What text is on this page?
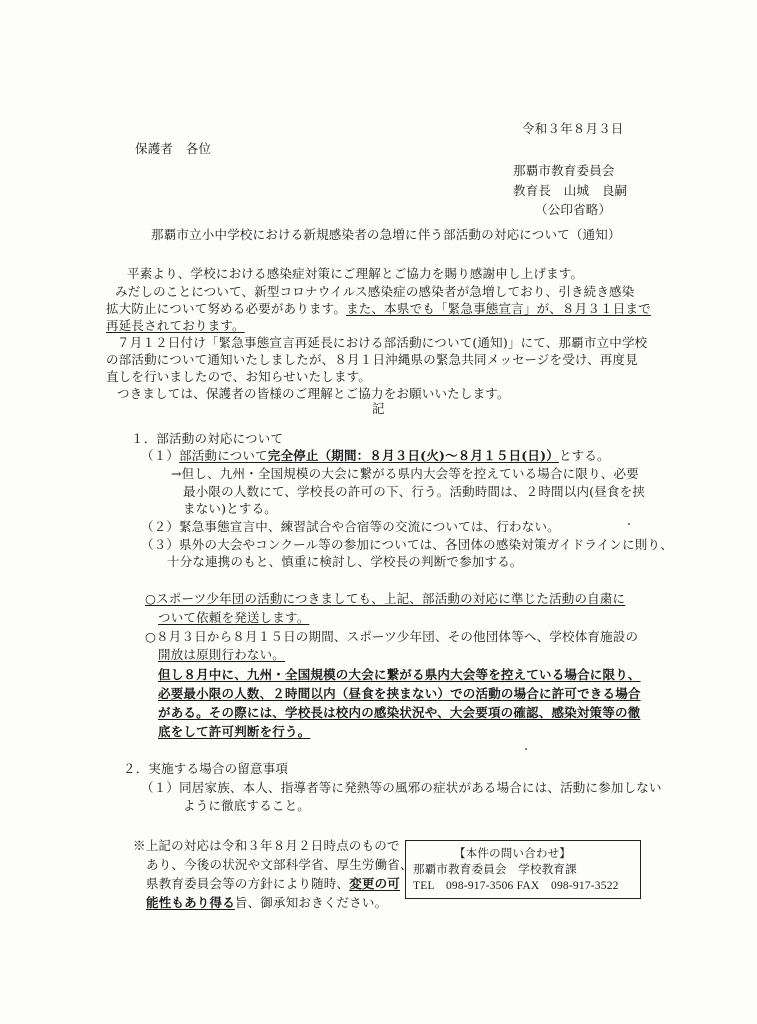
令和３年８月３日
保護者　各位
那覇市教育委員会
教育長　山城　良嗣
（公印省略）
那覇市立小中学校における新規感染者の急増に伴う部活動の対応について（通知）
平素より、学校における感染症対策にご理解とご協力を賜り感謝申し上げます。
みだしのことについて、新型コロナウイルス感染症の感染者が急増しており、引き続き感染
拡大防止について努める必要があります。また、本県でも「緊急事態宣言」が、８月３１日まで
再延長されております。
７月１２日付け「緊急事態宣言再延長における部活動について(通知)」にて、那覇市立中学校
の部活動について通知いたしましたが、８月１日沖縄県の緊急共同メッセージを受け、再度見
直しを行いましたので、お知らせいたします。
つきましては、保護者の皆様のご理解とご協力をお願いいたします。
記
１．部活動の対応について
（１）部活動について完全停止（期間：８月３日(火)～８月１５日(日)）とする。
→但し、九州・全国規模の大会に繋がる県内大会等を控えている場合に限り、必要
最小限の人数にて、学校長の許可の下、行う。活動時間は、２時間以内(昼食を挟
まない)とする。
（２）緊急事態宣言中、練習試合や合宿等の交流については、行わない。
（３）県外の大会やコンクール等の参加については、各団体の感染対策ガイドラインに則り、
十分な連携のもと、慎重に検討し、学校長の判断で参加する。
○スポーツ少年団の活動につきましても、上記、部活動の対応に準じた活動の自粛に
ついて依頼を発送します。
○８月３日から８月１５日の期間、スポーツ少年団、その他団体等へ、学校体育施設の
開放は原則行わない。
但し８月中に、九州・全国規模の大会に繋がる県内大会等を控えている場合に限り、
必要最小限の人数、２時間以内（昼食を挟まない）での活動の場合に許可できる場合
がある。その際には、学校長は校内の感染状況や、大会要項の確認、感染対策等の徹
底をして許可判断を行う。
２．実施する場合の留意事項
（１）同居家族、本人、指導者等に発熱等の風邪の症状がある場合には、活動に参加しない
ように徹底すること。
※上記の対応は令和３年８月２日時点のもので
あり、今後の状況や文部科学省、厚生労働省、
県教育委員会等の方針により随時、変更の可
能性もあり得る旨、御承知おきください。
【本件の問い合わせ】
那覇市教育委員会　学校教育課
TEL　098-917-3506 FAX　098-917-3522
